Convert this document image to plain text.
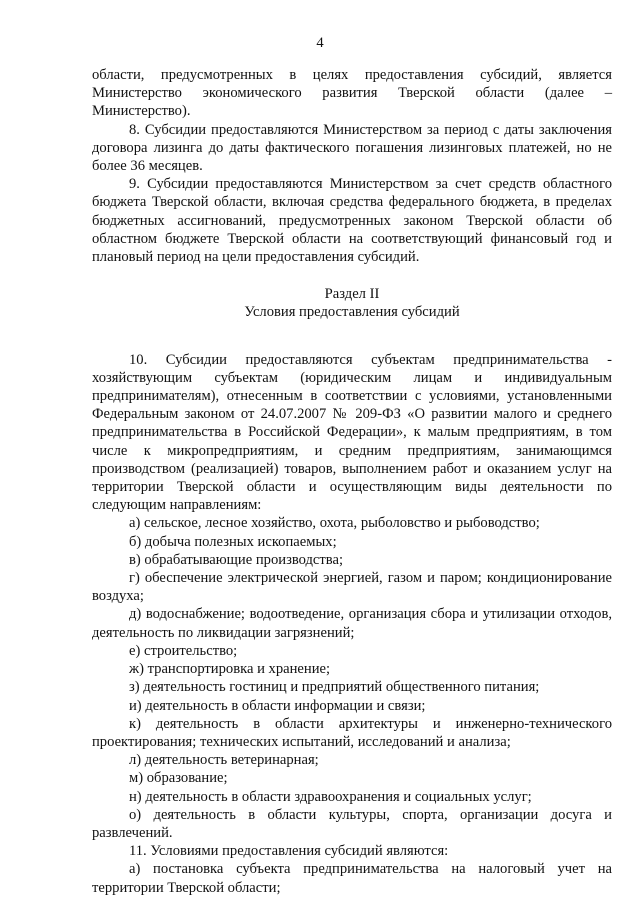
4

области, предусмотренных в целях предоставления субсидий, является Министерство экономического развития Тверской области (далее – Министерство).

8. Субсидии предоставляются Министерством за период с даты заключения договора лизинга до даты фактического погашения лизинговых платежей, но не более 36 месяцев.

9. Субсидии предоставляются Министерством за счет средств областного бюджета Тверской области, включая средства федерального бюджета, в пределах бюджетных ассигнований, предусмотренных законом Тверской области об областном бюджете Тверской области на соответствующий финансовый год и плановый период на цели предоставления субсидий.

Раздел II

Условия предоставления субсидий

10. Субсидии предоставляются субъектам предпринимательства - хозяйствующим субъектам (юридическим лицам и индивидуальным предпринимателям), отнесенным в соответствии с условиями, установленными Федеральным законом от 24.07.2007 № 209-ФЗ «О развитии малого и среднего предпринимательства в Российской Федерации», к малым предприятиям, в том числе к микропредприятиям, и средним предприятиям, занимающимся производством (реализацией) товаров, выполнением работ и оказанием услуг на территории Тверской области и осуществляющим виды деятельности по следующим направлениям:

а) сельское, лесное хозяйство, охота, рыболовство и рыбоводство;

б) добыча полезных ископаемых;

в) обрабатывающие производства;

г) обеспечение электрической энергией, газом и паром; кондиционирование воздуха;

д) водоснабжение; водоотведение, организация сбора и утилизации отходов, деятельность по ликвидации загрязнений;

е) строительство;

ж) транспортировка и хранение;

з) деятельность гостиниц и предприятий общественного питания;

и) деятельность в области информации и связи;

к) деятельность в области архитектуры и инженерно-технического проектирования; технических испытаний, исследований и анализа;

л) деятельность ветеринарная;

м) образование;

н) деятельность в области здравоохранения и социальных услуг;

о) деятельность в области культуры, спорта, организации досуга и развлечений.

11. Условиями предоставления субсидий являются:

а) постановка субъекта предпринимательства на налоговый учет на территории Тверской области;
